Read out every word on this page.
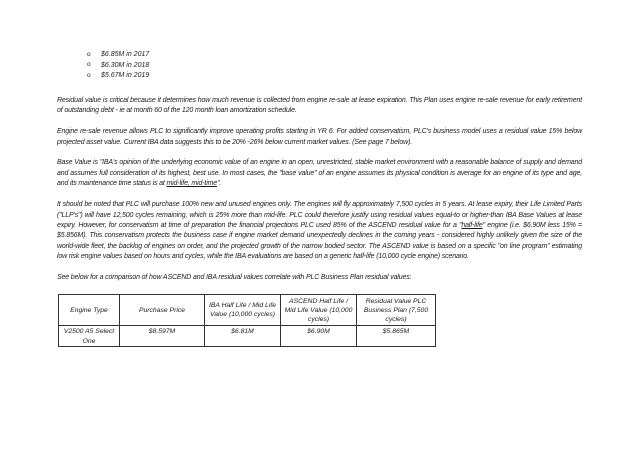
o $6.85M in 2017
o $6.30M in 2018
o $5.67M in 2019

Residual value is critical because it determines how much revenue is collected from engine re-sale at lease expiration. This Plan uses engine re-sale revenue for early retirement of outstanding debt - ie at month 60 of the 120 month loan amortization schedule.

Engine re-sale revenue allows PLC to significantly improve operating profits starting in YR 6. For added conservatism, PLC's business model uses a residual value 15% below projected asset value. Current IBA data suggests this to be 20% -26% below current market values. (See page 7 below).

Base Value is "IBA's opinion of the underlying economic value of an engine in an open, unrestricted, stable market environment with a reasonable balance of supply and demand and assumes full consideration of its highest, best use. In most cases, the "base value" of an engine assumes its physical condition is average for an engine of its type and age, and its maintenance time status is at mid-life, mid-time".

It should be noted that PLC will purchase 100% new and unused engines only. The engines will fly approximately 7,500 cycles in 5 years. At lease expiry, their Life Limited Parts ("LLP's") will have 12,500 cycles remaining, which is 25% more than mid-life. PLC could therefore justify using residual values equal-to or higher-than IBA Base Values at lease expiry. However, for conservatism at time of preparation the financial projections PLC used 85% of the ASCEND residual value for a "half-life" engine (i.e. $6.90M less 15% = $5.856M). This conservatism protects the business case if engine market demand unexpectedly declines in the coming years - considered highly unlikely given the size of the world-wide fleet, the backlog of engines on order, and the projected growth of the narrow bodied sector. The ASCEND value is based on a specific "on line program" estimating low risk engine values based on hours and cycles, while the IBA evaluations are based on a generic half-life (10,000 cycle engine) scenario.

See below for a comparison of how ASCEND and IBA residual values correlate with PLC Business Plan residual values:

Engine Type	Purchase Price	IBA Half Life / Mid Life Value (10,000 cycles)	ASCEND Half Life / Mid Life Value (10,000 cycles)	Residual Value PLC Business Plan (7,500 cycles)
V2500 A5 Select One	$8.597M	$6.81M	$6.90M	$5.865M
